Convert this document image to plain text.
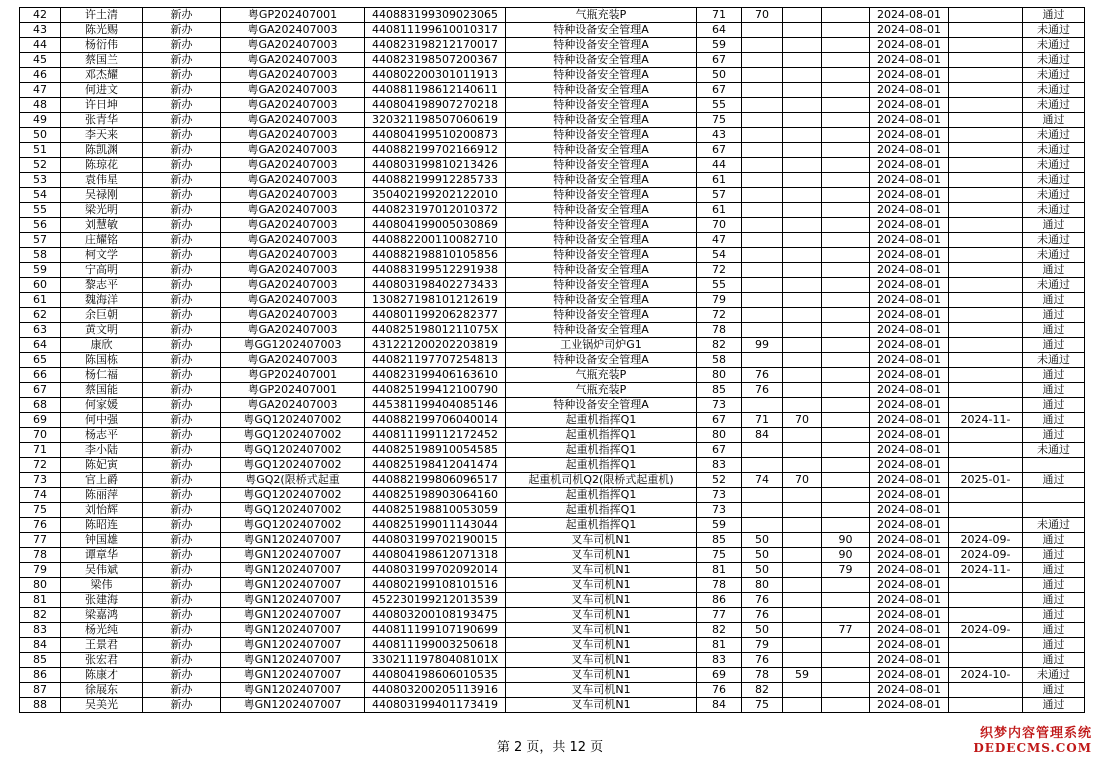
42	许土清	新办	粤GP202407001	440883199309023065	气瓶充装P	71	70			2024-08-01		通过
43	陈光赐	新办	粤GA202407003	440811199610010317	特种设备安全管理A	64				2024-08-01		未通过
44	杨衍伟	新办	粤GA202407003	440823198212170017	特种设备安全管理A	59				2024-08-01		未通过
45	蔡国兰	新办	粤GA202407003	440823198507200367	特种设备安全管理A	67				2024-08-01		未通过
46	邓杰耀	新办	粤GA202407003	440802200301011913	特种设备安全管理A	50				2024-08-01		未通过
47	何进文	新办	粤GA202407003	440881198612140611	特种设备安全管理A	67				2024-08-01		未通过
48	许日坤	新办	粤GA202407003	440804198907270218	特种设备安全管理A	55				2024-08-01		未通过
49	张青华	新办	粤GA202407003	320321198507060619	特种设备安全管理A	75				2024-08-01		通过
50	李天来	新办	粤GA202407003	440804199510200873	特种设备安全管理A	43				2024-08-01		未通过
51	陈凯渊	新办	粤GA202407003	440882199702166912	特种设备安全管理A	67				2024-08-01		未通过
52	陈琼花	新办	粤GA202407003	440803199810213426	特种设备安全管理A	44				2024-08-01		未通过
53	袁伟星	新办	粤GA202407003	440882199912285733	特种设备安全管理A	61				2024-08-01		未通过
54	吴禄刚	新办	粤GA202407003	350402199202122010	特种设备安全管理A	57				2024-08-01		未通过
55	梁光明	新办	粤GA202407003	440823197012010372	特种设备安全管理A	61				2024-08-01		未通过
56	刘慧敏	新办	粤GA202407003	440804199005030869	特种设备安全管理A	70				2024-08-01		通过
57	庄耀铭	新办	粤GA202407003	440882200110082710	特种设备安全管理A	47				2024-08-01		未通过
58	柯文学	新办	粤GA202407003	440882198810105856	特种设备安全管理A	54				2024-08-01		未通过
59	宁高明	新办	粤GA202407003	440883199512291938	特种设备安全管理A	72				2024-08-01		通过
60	黎志平	新办	粤GA202407003	440803198402273433	特种设备安全管理A	55				2024-08-01		未通过
61	魏海洋	新办	粤GA202407003	130827198101212619	特种设备安全管理A	79				2024-08-01		通过
62	余巨朝	新办	粤GA202407003	440801199206282377	特种设备安全管理A	72				2024-08-01		通过
63	黄文明	新办	粤GA202407003	44082519801211075X	特种设备安全管理A	78				2024-08-01		通过
64	康欣	新办	粤GG1202407003	431221200202203819	工业锅炉司炉G1	82	99			2024-08-01		通过
65	陈国栋	新办	粤GA202407003	440821197707254813	特种设备安全管理A	58				2024-08-01		未通过
66	杨仁福	新办	粤GP202407001	440823199406163610	气瓶充装P	80	76			2024-08-01		通过
67	蔡国能	新办	粤GP202407001	440825199412100790	气瓶充装P	85	76			2024-08-01		通过
68	何家媛	新办	粤GA202407003	445381199404085146	特种设备安全管理A	73				2024-08-01		通过
69	何中强	新办	粤GQ1202407002	440882199706040014	起重机指挥Q1	67	71	70		2024-08-01	2024-11-	通过
70	杨志平	新办	粤GQ1202407002	440811199112172452	起重机指挥Q1	80	84			2024-08-01		通过
71	李小陆	新办	粤GQ1202407002	440825198910054585	起重机指挥Q1	67				2024-08-01		未通过
72	陈妃寅	新办	粤GQ1202407002	440825198412041474	起重机指挥Q1	83				2024-08-01		
73	官上爵	新办	粤GQ2(限桥式起重	440882199806096517	起重机司机Q2(限桥式起重机)	52	74	70		2024-08-01	2025-01-	通过
74	陈丽萍	新办	粤GQ1202407002	440825198903064160	起重机指挥Q1	73				2024-08-01		
75	刘怡辉	新办	粤GQ1202407002	440825198810053059	起重机指挥Q1	73				2024-08-01		
76	陈昭连	新办	粤GQ1202407002	440825199011143044	起重机指挥Q1	59				2024-08-01		未通过
77	钟国雄	新办	粤GN1202407007	440803199702190015	叉车司机N1	85	50		90	2024-08-01	2024-09-	通过
78	谭章华	新办	粤GN1202407007	440804198612071318	叉车司机N1	75	50		90	2024-08-01	2024-09-	通过
79	吴伟斌	新办	粤GN1202407007	440803199702092014	叉车司机N1	81	50		79	2024-08-01	2024-11-	通过
80	梁伟	新办	粤GN1202407007	440802199108101516	叉车司机N1	78	80			2024-08-01		通过
81	张建海	新办	粤GN1202407007	452230199212013539	叉车司机N1	86	76			2024-08-01		通过
82	梁嘉鸿	新办	粤GN1202407007	440803200108193475	叉车司机N1	77	76			2024-08-01		通过
83	杨光纯	新办	粤GN1202407007	440811199107190699	叉车司机N1	82	50		77	2024-08-01	2024-09-	通过
84	王景君	新办	粤GN1202407007	440811199003250618	叉车司机N1	81	79			2024-08-01		通过
85	张宏君	新办	粤GN1202407007	33021119780408101X	叉车司机N1	83	76			2024-08-01		通过
86	陈康才	新办	粤GN1202407007	440804198606010535	叉车司机N1	69	78	59		2024-08-01	2024-10-	未通过
87	徐展东	新办	粤GN1202407007	440803200205113916	叉车司机N1	76	82			2024-08-01		通过
88	吴美光	新办	粤GN1202407007	440803199401173419	叉车司机N1	84	75			2024-08-01		通过
第 2 页，共 12 页
织梦内容管理系统
DEDECMS.COM
